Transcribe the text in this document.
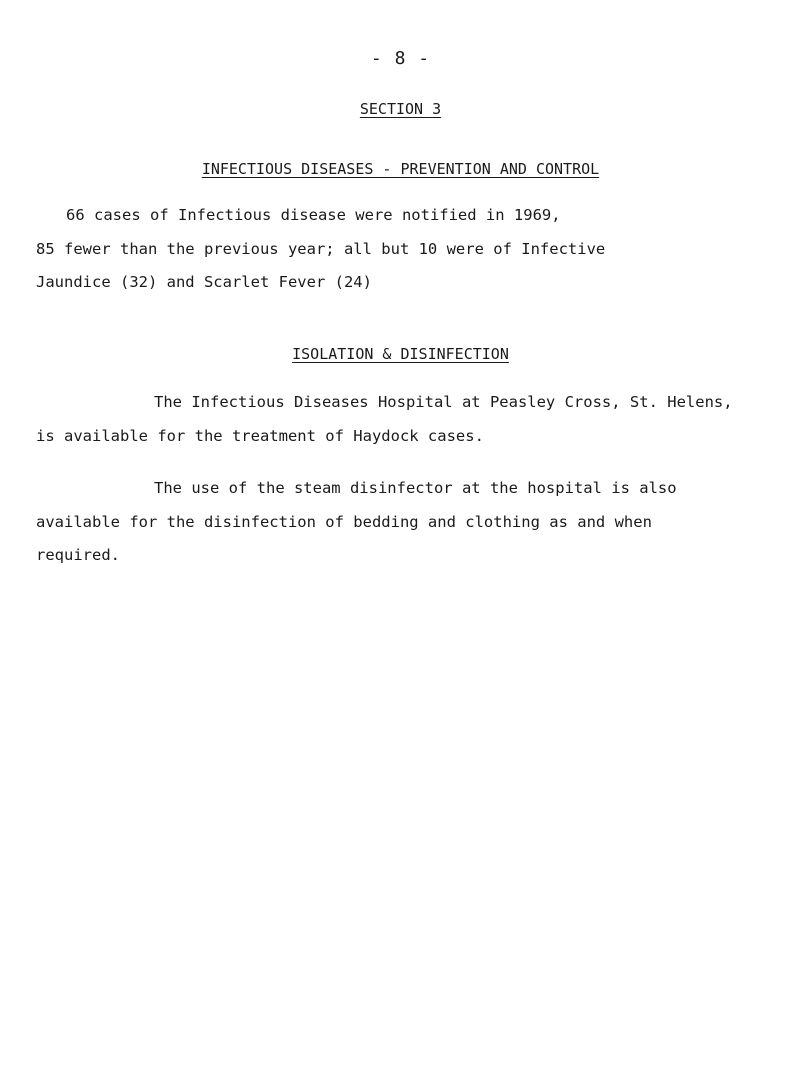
- 8 -
SECTION 3
INFECTIOUS DISEASES - PREVENTION AND CONTROL

66 cases of Infectious disease were notified in 1969,
85 fewer than the previous year; all but 10 were of Infective
Jaundice (32) and Scarlet Fever (24)

ISOLATION & DISINFECTION

The Infectious Diseases Hospital at Peasley Cross, St. Helens,
is available for the treatment of Haydock cases.

The use of the steam disinfector at the hospital is also
available for the disinfection of bedding and clothing as and when
required.
